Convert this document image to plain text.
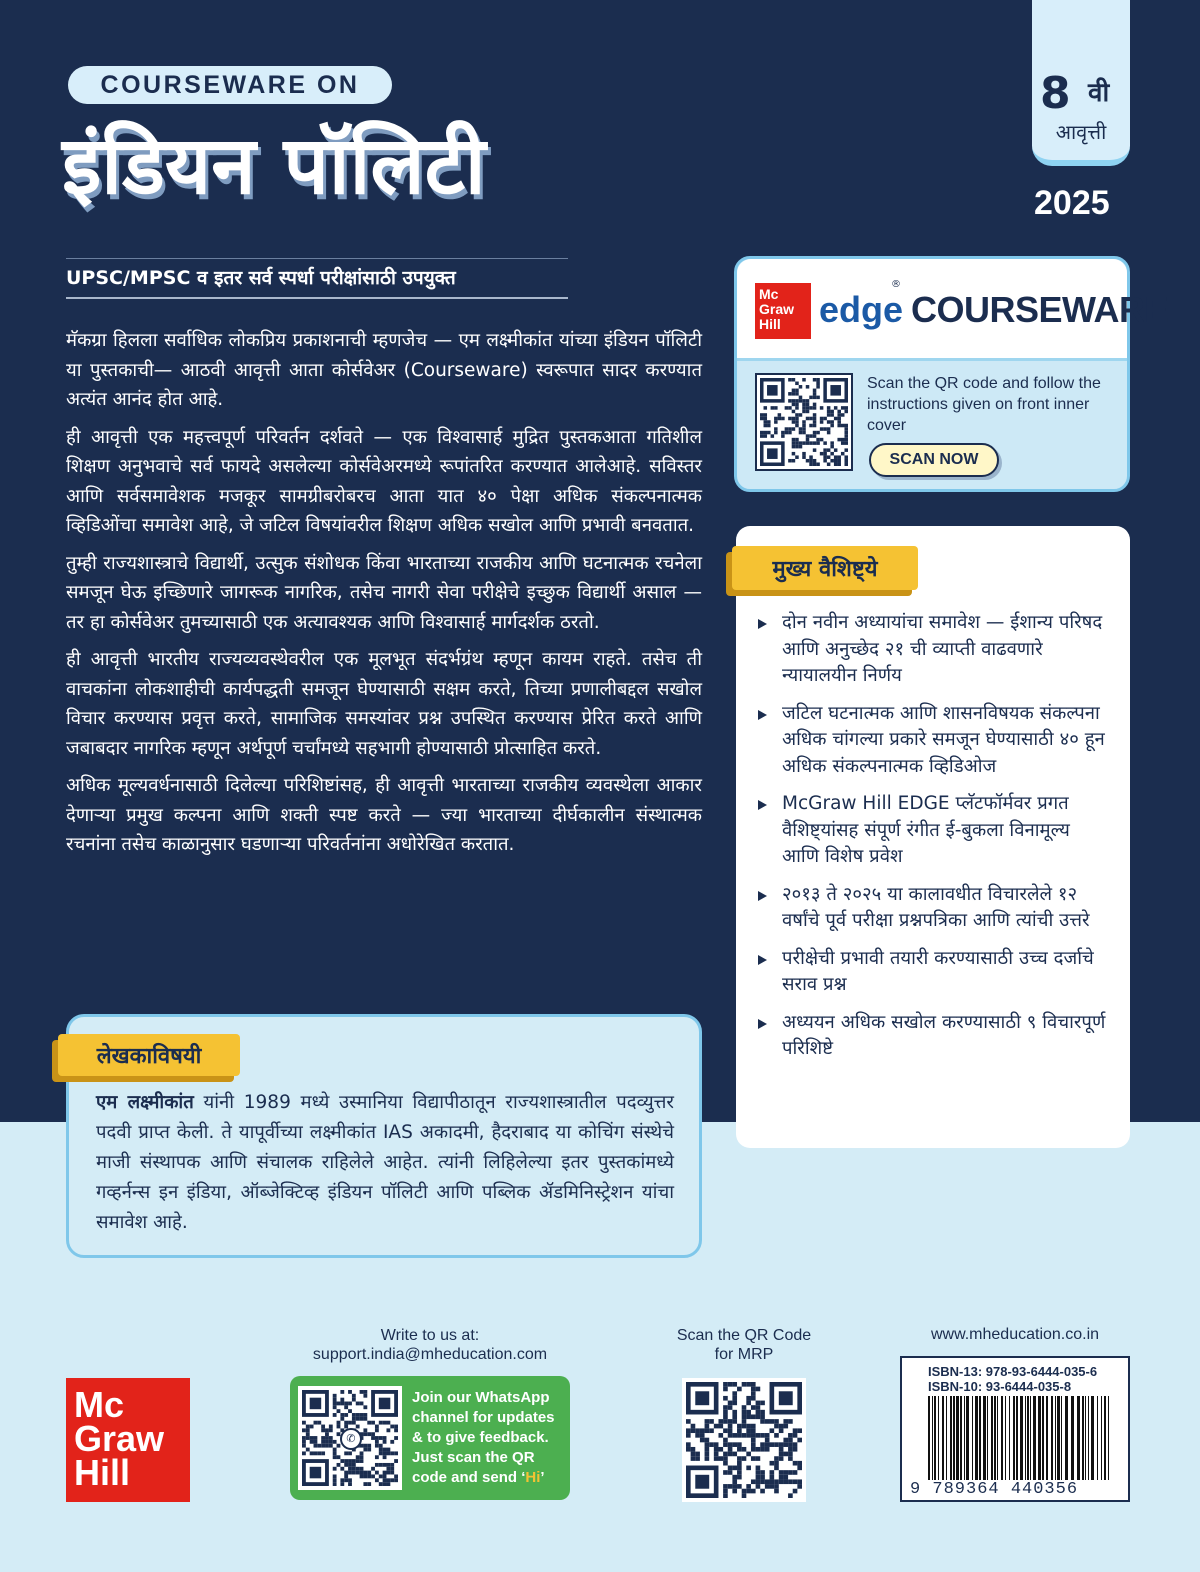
COURSEWARE ON
इंडियन पॉलिटी
UPSC/MPSC व इतर सर्व स्पर्धा परीक्षांसाठी उपयुक्त
8 वी
आवृत्ती
2025
Mc
Graw
Hill	edge
®
COURSEWARE
Scan the QR code and follow the instructions given on front inner cover
SCAN NOW

मॅकग्रा हिलला सर्वाधिक लोकप्रिय प्रकाशनाची म्हणजेच — एम लक्ष्मीकांत यांच्या इंडियन पॉलिटी या पुस्तकाची— आठवी आवृत्ती आता कोर्सवेअर (Courseware) स्वरूपात सादर करण्यात अत्यंत आनंद होत आहे.

ही आवृत्ती एक महत्त्वपूर्ण परिवर्तन दर्शवते — एक विश्वासार्ह मुद्रित पुस्तकआता गतिशील शिक्षण अनुभवाचे सर्व फायदे असलेल्या कोर्सवेअरमध्ये रूपांतरित करण्यात आलेआहे. सविस्तर आणि सर्वसमावेशक मजकूर सामग्रीबरोबरच आता यात ४० पेक्षा अधिक संकल्पनात्मक व्हिडिओंचा समावेश आहे, जे जटिल विषयांवरील शिक्षण अधिक सखोल आणि प्रभावी बनवतात.

तुम्ही राज्यशास्त्राचे विद्यार्थी, उत्सुक संशोधक किंवा भारताच्या राजकीय आणि घटनात्मक रचनेला समजून घेऊ इच्छिणारे जागरूक नागरिक, तसेच नागरी सेवा परीक्षेचे इच्छुक विद्यार्थी असाल — तर हा कोर्सवेअर तुमच्यासाठी एक अत्यावश्यक आणि विश्वासार्ह मार्गदर्शक ठरतो.

ही आवृत्ती भारतीय राज्यव्यवस्थेवरील एक मूलभूत संदर्भग्रंथ म्हणून कायम राहते. तसेच ती वाचकांना लोकशाहीची कार्यपद्धती समजून घेण्यासाठी सक्षम करते, तिच्या प्रणालीबद्दल सखोल विचार करण्यास प्रवृत्त करते, सामाजिक समस्यांवर प्रश्न उपस्थित करण्यास प्रेरित करते आणि जबाबदार नागरिक म्हणून अर्थपूर्ण चर्चांमध्ये सहभागी होण्यासाठी प्रोत्साहित करते.

अधिक मूल्यवर्धनासाठी दिलेल्या परिशिष्टांसह, ही आवृत्ती भारताच्या राजकीय व्यवस्थेला आकार देणाऱ्या प्रमुख कल्पना आणि शक्ती स्पष्ट करते — ज्या भारताच्या दीर्घकालीन संस्थात्मक रचनांना तसेच काळानुसार घडणाऱ्या परिवर्तनांना अधोरेखित करतात.

लेखकाविषयी
एम लक्ष्मीकांत यांनी 1989 मध्ये उस्मानिया विद्यापीठातून राज्यशास्त्रातील पदव्युत्तर पदवी प्राप्त केली. ते यापूर्वीच्या लक्ष्मीकांत IAS अकादमी, हैदराबाद या कोचिंग संस्थेचे माजी संस्थापक आणि संचालक राहिलेले आहेत. त्यांनी लिहिलेल्या इतर पुस्तकांमध्ये गव्हर्नन्स इन इंडिया, ऑब्जेक्टिव्ह इंडियन पॉलिटी आणि पब्लिक ॲडमिनिस्ट्रेशन यांचा समावेश आहे.
मुख्य वैशिष्ट्ये
दोन नवीन अध्यायांचा समावेश — ईशान्य परिषद आणि अनुच्छेद २१ ची व्याप्ती वाढवणारे न्यायालयीन निर्णय
जटिल घटनात्मक आणि शासनविषयक संकल्पना अधिक चांगल्या प्रकारे समजून घेण्यासाठी ४० हून अधिक संकल्पनात्मक व्हिडिओज
McGraw Hill EDGE प्लॅटफॉर्मवर प्रगत वैशिष्ट्यांसह संपूर्ण रंगीत ई-बुकला विनामूल्य आणि विशेष प्रवेश
२०१३ ते २०२५ या कालावधीत विचारलेले १२ वर्षांचे पूर्व परीक्षा प्रश्नपत्रिका आणि त्यांची उत्तरे
परीक्षेची प्रभावी तयारी करण्यासाठी उच्च दर्जाचे सराव प्रश्न
अध्ययन अधिक सखोल करण्यासाठी ९ विचारपूर्ण परिशिष्टे
Mc
Graw
Hill
Write to us at:
support.india@mheducation.com
✆
Join our WhatsApp channel for updates & to give feedback. Just scan the QR code and send ‘Hi’
Scan the QR Code
for MRP
www.mheducation.co.in
ISBN-13: 978-93-6444-035-6
ISBN-10: 93-6444-035-8
9 789364 440356
